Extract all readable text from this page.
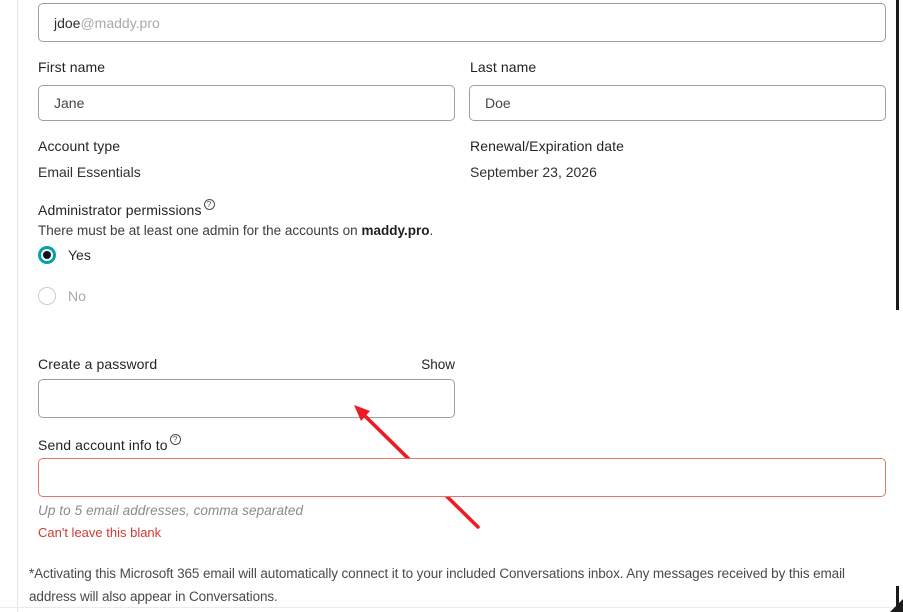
jdoe @maddy.pro
First name
Jane	Last name
Doe
Account type
Email Essentials
Renewal/Expiration date
September 23, 2026
Administrator permissions ?
There must be at least one admin for the accounts on maddy.pro.
Yes
No
Create a password	Show
Send account info to ?
Up to 5 email addresses, comma separated
Can't leave this blank
*Activating this Microsoft 365 email will automatically connect it to your included Conversations inbox. Any messages received by this email address will also appear in Conversations.
